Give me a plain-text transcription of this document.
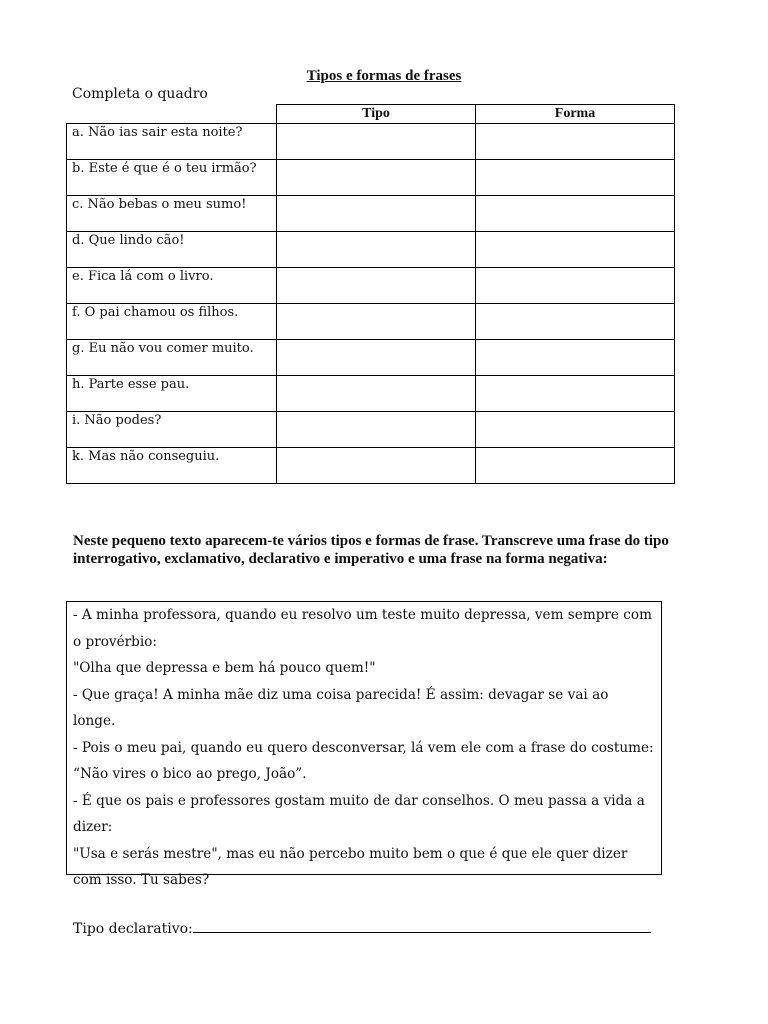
Tipos e formas de frases
Completa o quadro
	Tipo	Forma
a. Não ias sair esta noite?		
b. Este é que é o teu irmão?		
c. Não bebas o meu sumo!		
d. Que lindo cão!		
e. Fica lá com o livro.		
f. O pai chamou os filhos.		
g. Eu não vou comer muito.		
h. Parte esse pau.		
i. Não podes?		
k. Mas não conseguiu.		
Neste pequeno texto aparecem-te vários tipos e formas de frase. Transcreve uma frase do tipo interrogativo, exclamativo, declarativo e imperativo e uma frase na forma negativa:

- A minha professora, quando eu resolvo um teste muito depressa, vem sempre com o provérbio:

"Olha que depressa e bem há pouco quem!"

- Que graça! A minha mãe diz uma coisa parecida! É assim: devagar se vai ao longe.

- Pois o meu pai, quando eu quero desconversar, lá vem ele com a frase do costume: “Não vires o bico ao prego, João”.

- É que os pais e professores gostam muito de dar conselhos. O meu passa a vida a dizer:

"Usa e serás mestre", mas eu não percebo muito bem o que é que ele quer dizer com isso. Tu sabes?

Tipo declarativo:
